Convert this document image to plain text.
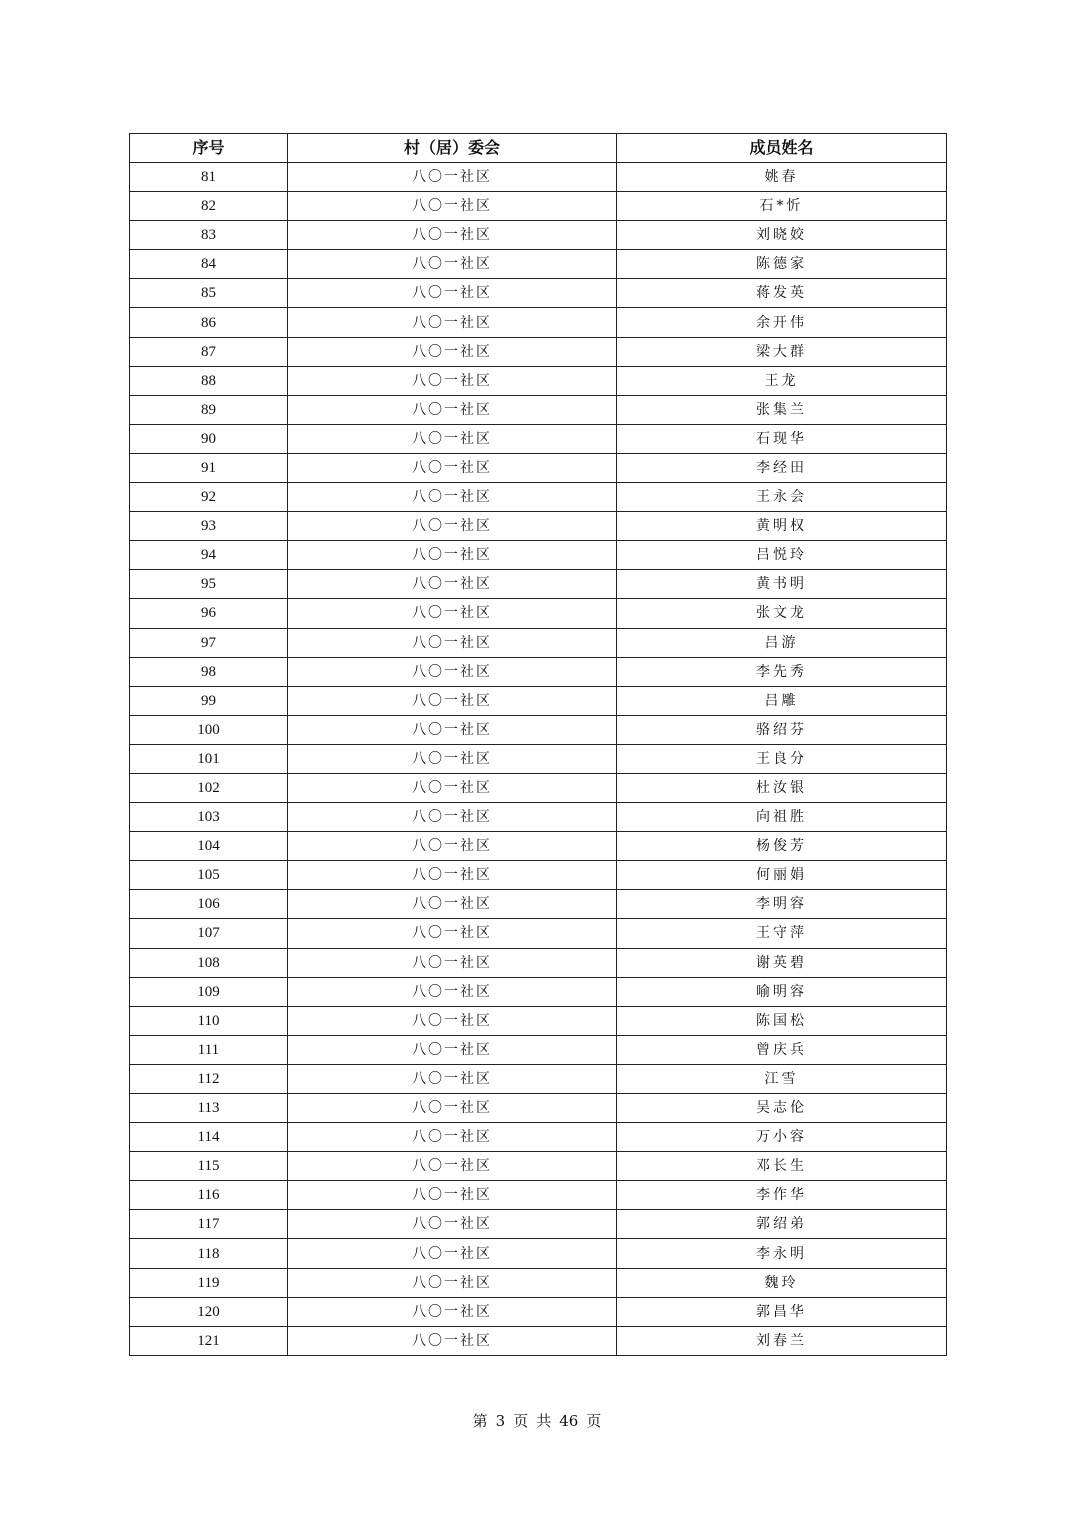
序号	村（居）委会	成员姓名
81	八〇一社区	姚春
82	八〇一社区	石*忻
83	八〇一社区	刘晓姣
84	八〇一社区	陈德家
85	八〇一社区	蒋发英
86	八〇一社区	余开伟
87	八〇一社区	梁大群
88	八〇一社区	王龙
89	八〇一社区	张集兰
90	八〇一社区	石现华
91	八〇一社区	李经田
92	八〇一社区	王永会
93	八〇一社区	黄明权
94	八〇一社区	吕悦玲
95	八〇一社区	黄书明
96	八〇一社区	张文龙
97	八〇一社区	吕游
98	八〇一社区	李先秀
99	八〇一社区	吕雕
100	八〇一社区	骆绍芬
101	八〇一社区	王良分
102	八〇一社区	杜汝银
103	八〇一社区	向祖胜
104	八〇一社区	杨俊芳
105	八〇一社区	何丽娟
106	八〇一社区	李明容
107	八〇一社区	王守萍
108	八〇一社区	谢英碧
109	八〇一社区	喻明容
110	八〇一社区	陈国松
111	八〇一社区	曾庆兵
112	八〇一社区	江雪
113	八〇一社区	吴志伦
114	八〇一社区	万小容
115	八〇一社区	邓长生
116	八〇一社区	李作华
117	八〇一社区	郭绍弟
118	八〇一社区	李永明
119	八〇一社区	魏玲
120	八〇一社区	郭昌华
121	八〇一社区	刘春兰
第 3 页 共 46 页
